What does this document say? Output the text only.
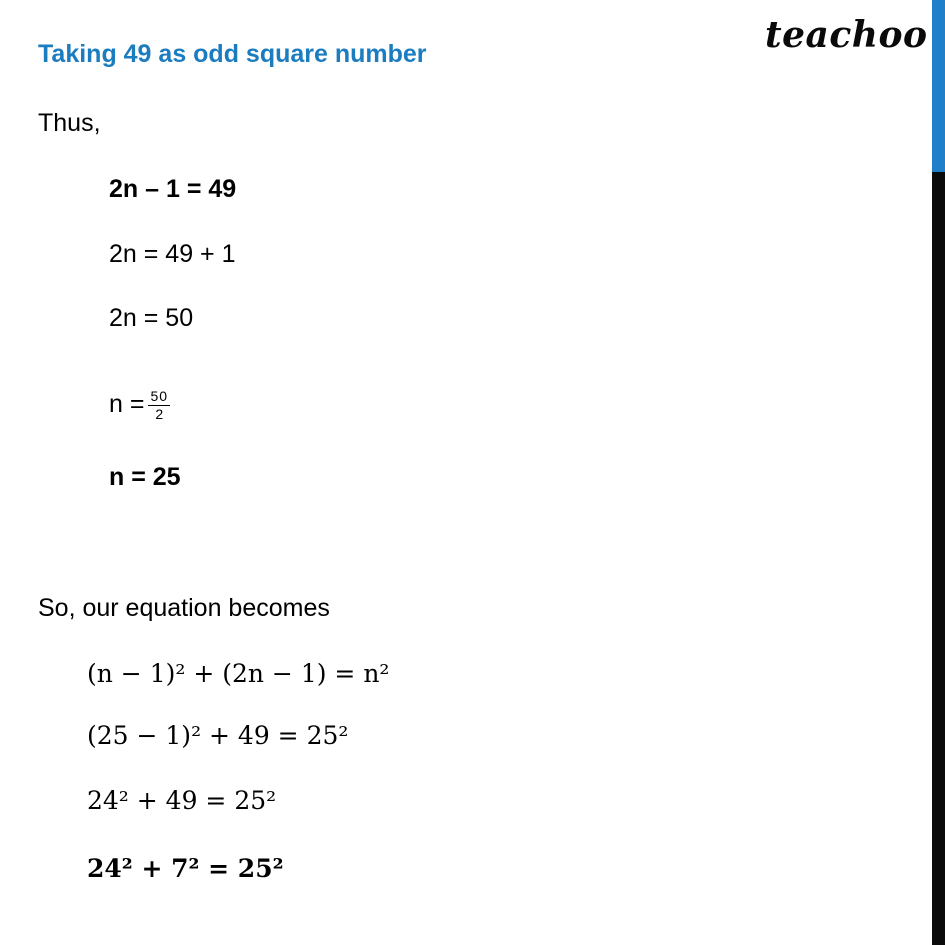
teachoo
Taking 49 as odd square number
Thus,
2n – 1 = 49
2n = 49 + 1
2n = 50
$n = \frac{50}{2}$
n = 25
So, our equation becomes
(n − 1)² + (2n − 1) = n²
(25 − 1)² + 49 = 25²
24² + 49 = 25²
24² + 7² = 25²
